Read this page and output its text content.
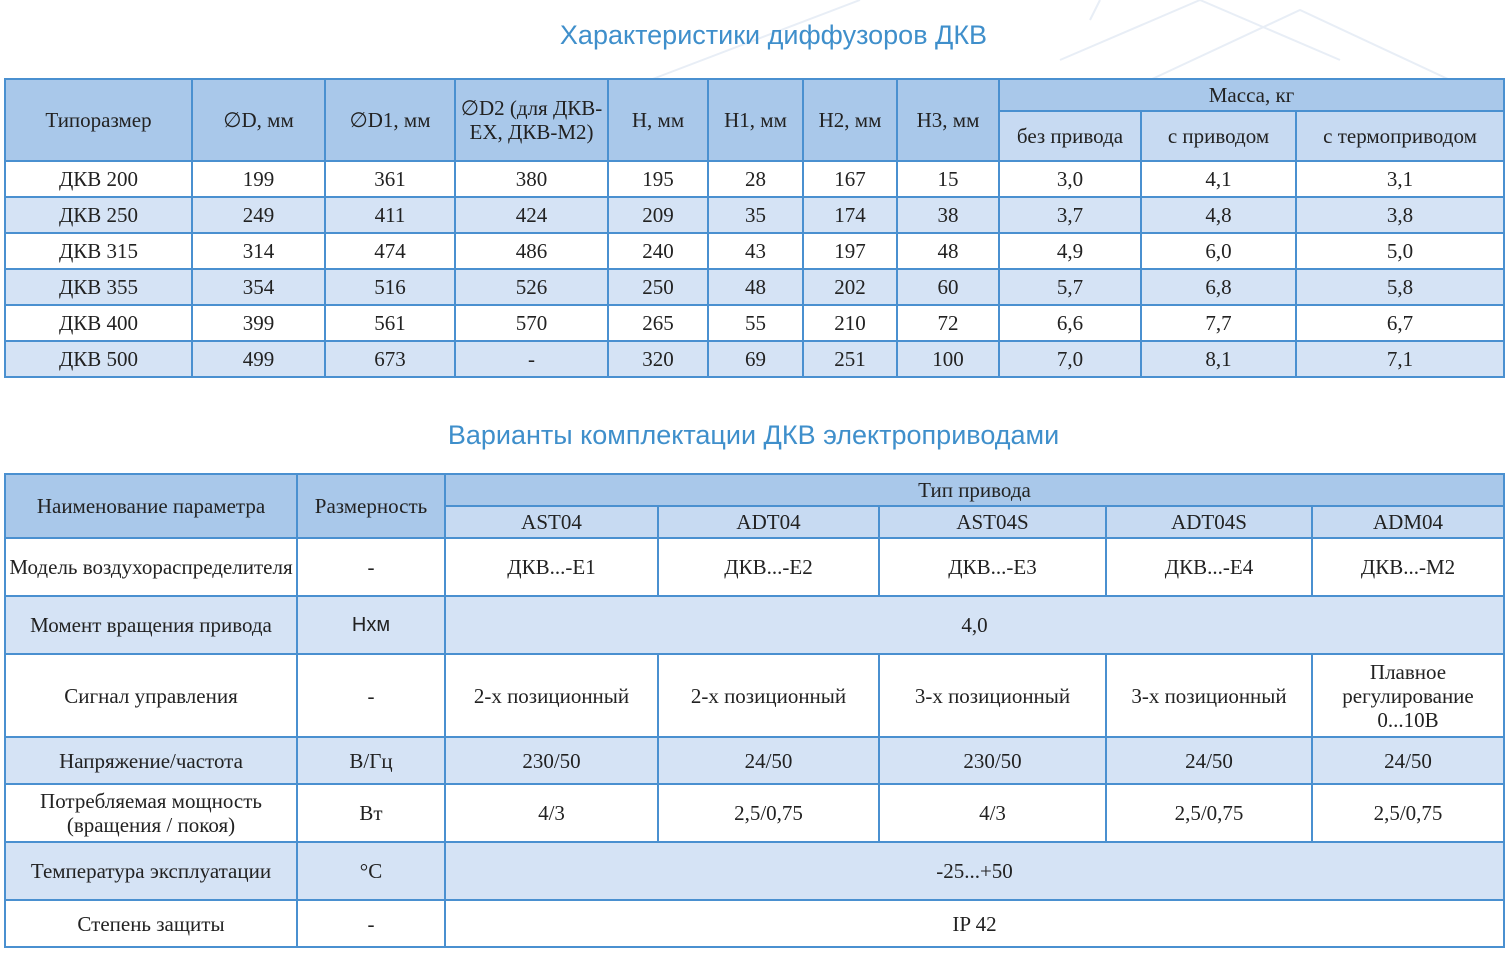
Характеристики диффузоров ДКВ
Типоразмер	∅D, мм	∅D1, мм	∅D2 (для ДКВ-ЕХ, ДКВ-М2)	Н, мм	Н1, мм	Н2, мм	Н3, мм	Масса, кг		
								без привода	с приводом	с термоприводом
ДКВ 200	199	361	380	195	28	167	15	3,0	4,1	3,1
ДКВ 250	249	411	424	209	35	174	38	3,7	4,8	3,8
ДКВ 315	314	474	486	240	43	197	48	4,9	6,0	5,0
ДКВ 355	354	516	526	250	48	202	60	5,7	6,8	5,8
ДКВ 400	399	561	570	265	55	210	72	6,6	7,7	6,7
ДКВ 500	499	673	-	320	69	251	100	7,0	8,1	7,1
Варианты комплектации ДКВ электроприводами
Наименование параметра	Размерность	Тип привода				
		AST04	ADT04	AST04S	ADT04S	ADM04
Модель воздухораспределителя	-	ДКВ...-Е1	ДКВ...-Е2	ДКВ...-Е3	ДКВ...-Е4	ДКВ...-М2
Момент вращения привода	Нхм	4,0				
Сигнал управления	-	2-х позиционный	2-х позиционный	3-х позиционный	3-х позиционный	Плавное регулирование 0...10В
Напряжение/частота	В/Гц	230/50	24/50	230/50	24/50	24/50
Потребляемая мощность (вращения / покоя)	Вт	4/3	2,5/0,75	4/3	2,5/0,75	2,5/0,75
Температура эксплуатации	°С	-25...+50				
Степень защиты	-	IP 42				
